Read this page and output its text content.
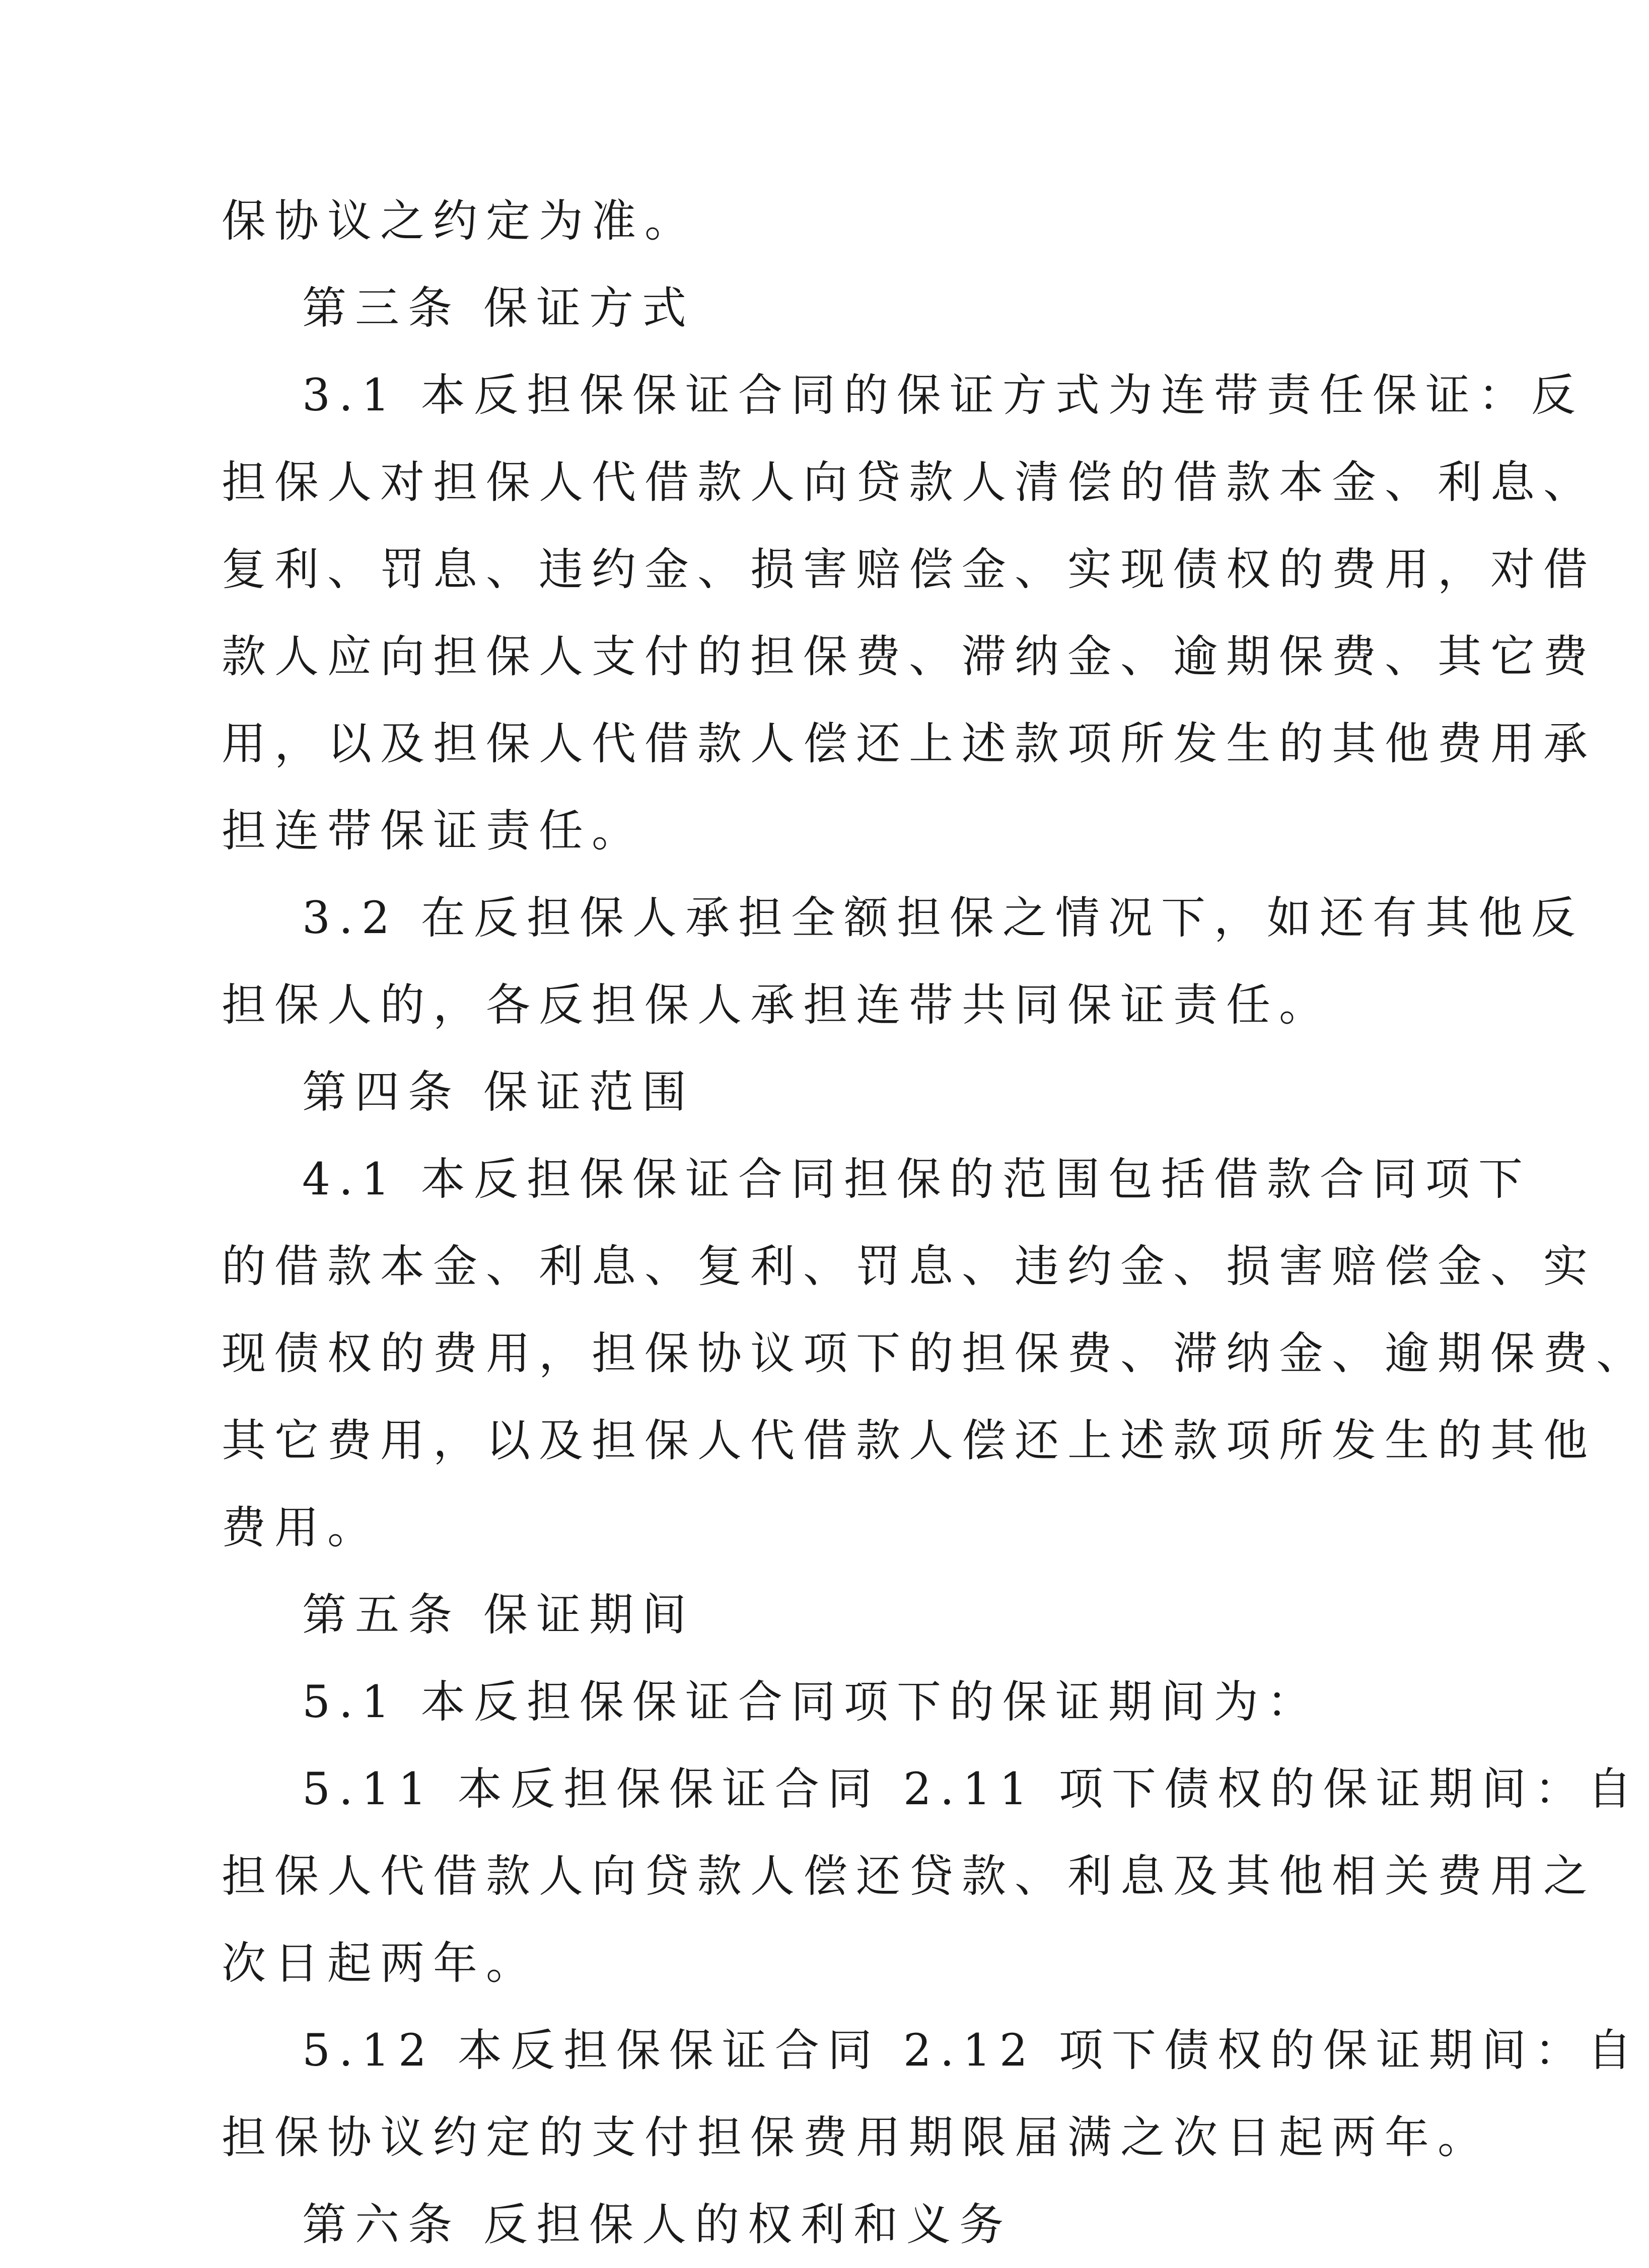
保协议之约定为准。
第三条 保证方式
3.1 本反担保保证合同的保证方式为连带责任保证：反
担保人对担保人代借款人向贷款人清偿的借款本金、利息、
复利、罚息、违约金、损害赔偿金、实现债权的费用，对借
款人应向担保人支付的担保费、滞纳金、逾期保费、其它费
用，以及担保人代借款人偿还上述款项所发生的其他费用承
担连带保证责任。
3.2 在反担保人承担全额担保之情况下，如还有其他反
担保人的，各反担保人承担连带共同保证责任。
第四条 保证范围
4.1 本反担保保证合同担保的范围包括借款合同项下
的借款本金、利息、复利、罚息、违约金、损害赔偿金、实
现债权的费用，担保协议项下的担保费、滞纳金、逾期保费、
其它费用，以及担保人代借款人偿还上述款项所发生的其他
费用。
第五条 保证期间
5.1 本反担保保证合同项下的保证期间为：
5.11 本反担保保证合同 2.11 项下债权的保证期间：自
担保人代借款人向贷款人偿还贷款、利息及其他相关费用之
次日起两年。
5.12 本反担保保证合同 2.12 项下债权的保证期间：自
担保协议约定的支付担保费用期限届满之次日起两年。
第六条 反担保人的权利和义务
